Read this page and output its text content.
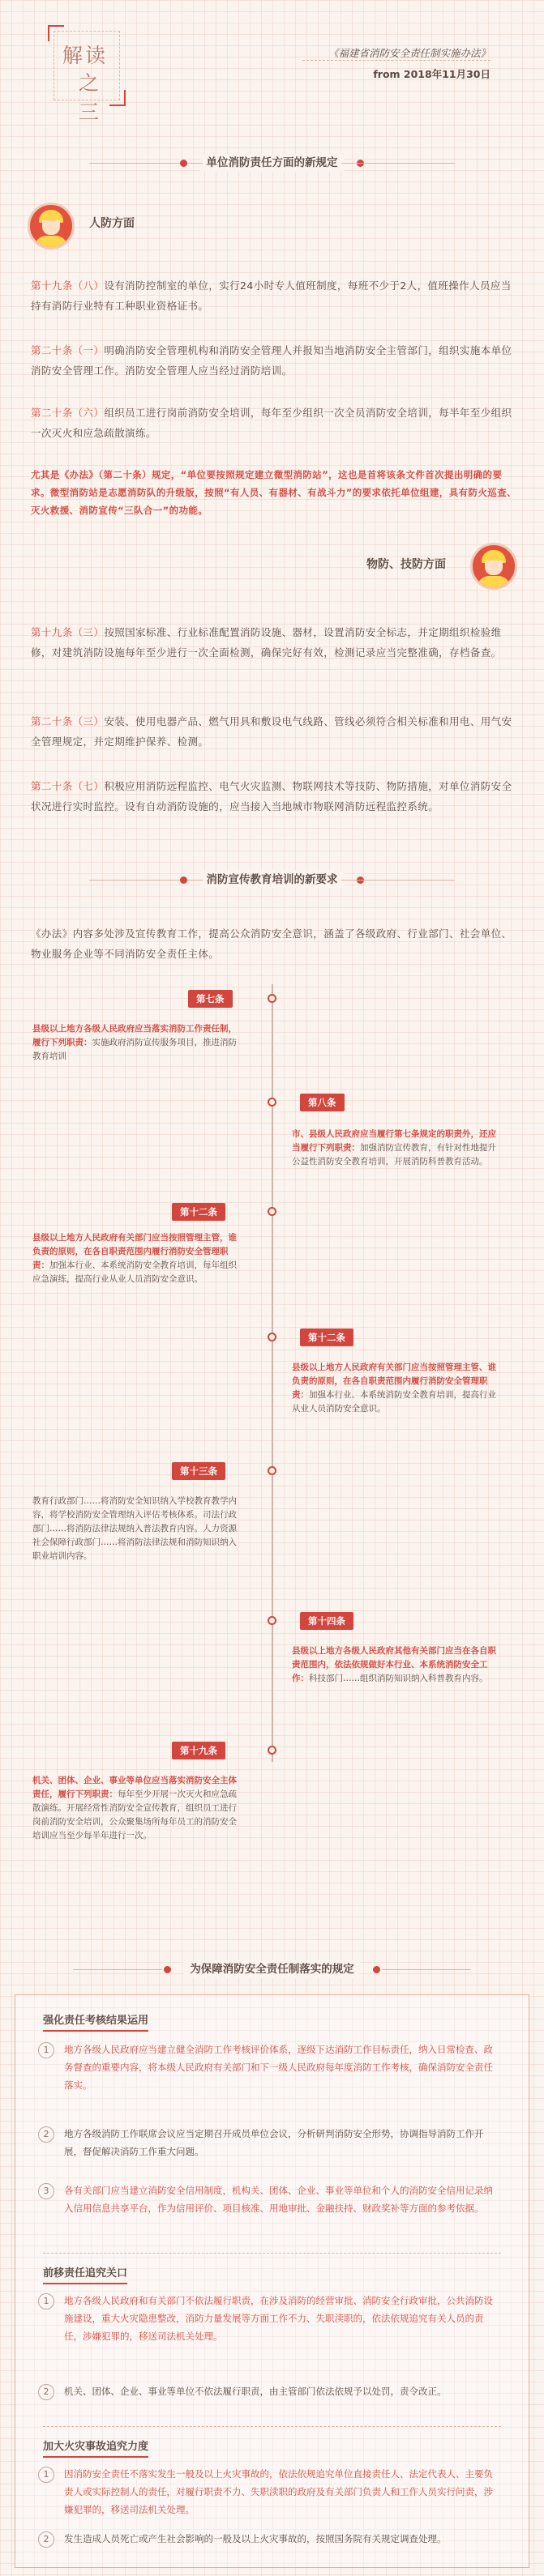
解读
之三
《福建省消防安全责任制实施办法》
from 2018年11月30日
单位消防责任方面的新规定
人防方面
第十九条（八）设有消防控制室的单位，实行24小时专人值班制度，每班不少于2人，值班操作人员应当持有消防行业特有工种职业资格证书。
第二十条（一）明确消防安全管理机构和消防安全管理人并报知当地消防安全主管部门，组织实施本单位消防安全管理工作。消防安全管理人应当经过消防培训。
第二十条（六）组织员工进行岗前消防安全培训，每年至少组织一次全员消防安全培训，每半年至少组织一次灭火和应急疏散演练。
尤其是《办法》（第二十条）规定，“单位要按照规定建立微型消防站”，这也是首将该条文件首次提出明确的要求。微型消防站是志愿消防队的升级版，按照“有人员、有器材、有战斗力”的要求依托单位组建，具有防火巡查、灭火救援、消防宣传“三队合一”的功能。
物防、技防方面
第十九条（三）按照国家标准、行业标准配置消防设施、器材，设置消防安全标志，并定期组织检验维修，对建筑消防设施每年至少进行一次全面检测，确保完好有效，检测记录应当完整准确，存档备查。
第二十条（三）安装、使用电器产品、燃气用具和敷设电气线路、管线必须符合相关标准和用电、用气安全管理规定，并定期维护保养、检测。
第二十条（七）积极应用消防远程监控、电气火灾监测、物联网技术等技防、物防措施，对单位消防安全状况进行实时监控。设有自动消防设施的，应当接入当地城市物联网消防远程监控系统。
消防宣传教育培训的新要求
《办法》内容多处涉及宣传教育工作，提高公众消防安全意识，涵盖了各级政府、行业部门、社会单位、物业服务企业等不同消防安全责任主体。
第七条
县级以上地方各级人民政府应当落实消防工作责任制，履行下列职责：实施政府消防宣传服务项目，推进消防教育培训
第八条
市、县级人民政府应当履行第七条规定的职责外，还应当履行下列职责：加强消防宣传教育，有针对性地提升公益性消防安全教育培训，开展消防科普教育活动。
第十二条
县级以上地方人民政府有关部门应当按照管理主管，谁负责的原则，在各自职责范围内履行消防安全管理职责：加强本行业、本系统消防安全教育培训，每年组织应急演练，提高行业从业人员消防安全意识。
第十二条
县级以上地方人民政府有关部门应当按照管理主管、谁负责的原则，在各自职责范围内履行消防安全管理职责：加强本行业、本系统消防安全教育培训，提高行业从业人员消防安全意识。
第十三条
教育行政部门……将消防安全知识纳入学校教育教学内容，将学校消防安全管理纳入评估考核体系。司法行政部门……将消防法律法规纳入普法教育内容。人力资源社会保障行政部门……将消防法律法规和消防知识纳入职业培训内容。
第十四条
县级以上地方各级人民政府其他有关部门应当在各自职责范围内，依法依规做好本行业、本系统消防安全工作：科技部门……组织消防知识纳入科普教育内容。
第十九条
机关、团体、企业、事业等单位应当落实消防安全主体责任，履行下列职责：每年至少开展一次灭火和应急疏散演练。开展经常性消防安全宣传教育，组织员工进行岗前消防安全培训，公众聚集场所每年员工的消防安全培训应当至少每半年进行一次。
为保障消防安全责任制落实的规定
强化责任考核结果运用
1	地方各级人民政府应当建立健全消防工作考核评价体系，逐级下达消防工作目标责任，纳入日常检查、政务督查的重要内容，将本级人民政府有关部门和下一级人民政府每年度消防工作考核，确保消防安全责任落实。
2	地方各级消防工作联席会议应当定期召开成员单位会议，分析研判消防安全形势，协调指导消防工作开展，督促解决消防工作重大问题。
3	各有关部门应当建立消防安全信用制度，机构关、团体、企业、事业等单位和个人的消防安全信用记录纳入信用信息共享平台，作为信用评价、项目核准、用地审批、金融扶持、财政奖补等方面的参考依据。
前移责任追究关口
1	地方各级人民政府和有关部门不依法履行职责，在涉及消防的经营审批、消防安全行政审批，公共消防设施建设，重大火灾隐患整改，消防力量发展等方面工作不力、失职渎职的，依法依规追究有关人员的责任，涉嫌犯罪的，移送司法机关处理。
2	机关、团体、企业、事业等单位不依法履行职责，由主管部门依法依规予以处罚，责令改正。
加大火灾事故追究力度
1	因消防安全责任不落实发生一般及以上火灾事故的，依法依规追究单位直接责任人、法定代表人、主要负责人或实际控制人的责任，对履行职责不力、失职渎职的政府及有关部门负责人和工作人员实行问责，涉嫌犯罪的，移送司法机关处理。
2	发生造成人员死亡或产生社会影响的一般及以上火灾事故的，按照国务院有关规定调查处理。
